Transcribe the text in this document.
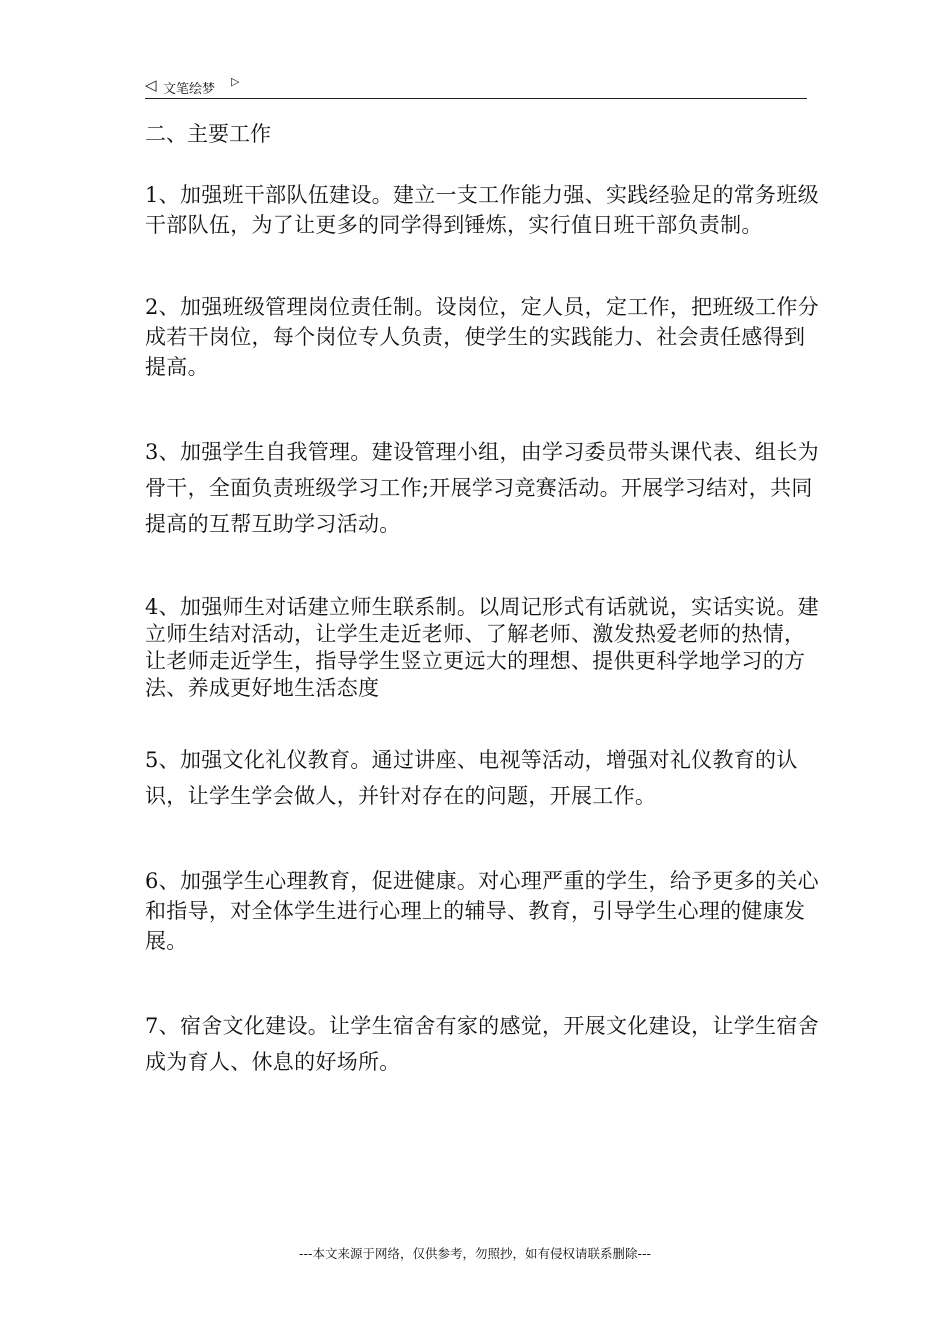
◁ 文笔绘梦
▷

二、主要工作

1、加强班干部队伍建设。建立一支工作能力强、实践经验足的常务班级干部队伍，为了让更多的同学得到锤炼，实行值日班干部负责制。

2、加强班级管理岗位责任制。设岗位，定人员，定工作，把班级工作分成若干岗位，每个岗位专人负责，使学生的实践能力、社会责任感得到提高。

3、加强学生自我管理。建设管理小组，由学习委员带头课代表、组长为骨干，全面负责班级学习工作;开展学习竞赛活动。开展学习结对，共同提高的互帮互助学习活动。

4、加强师生对话建立师生联系制。以周记形式有话就说，实话实说。建立师生结对活动，让学生走近老师、了解老师、激发热爱老师的热情，让老师走近学生，指导学生竖立更远大的理想、提供更科学地学习的方法、养成更好地生活态度

5、加强文化礼仪教育。通过讲座、电视等活动，增强对礼仪教育的认识，让学生学会做人，并针对存在的问题，开展工作。

6、加强学生心理教育，促进健康。对心理严重的学生，给予更多的关心和指导，对全体学生进行心理上的辅导、教育，引导学生心理的健康发展。

7、宿舍文化建设。让学生宿舍有家的感觉，开展文化建设，让学生宿舍成为育人、休息的好场所。

---本文来源于网络，仅供参考，勿照抄，如有侵权请联系删除---
